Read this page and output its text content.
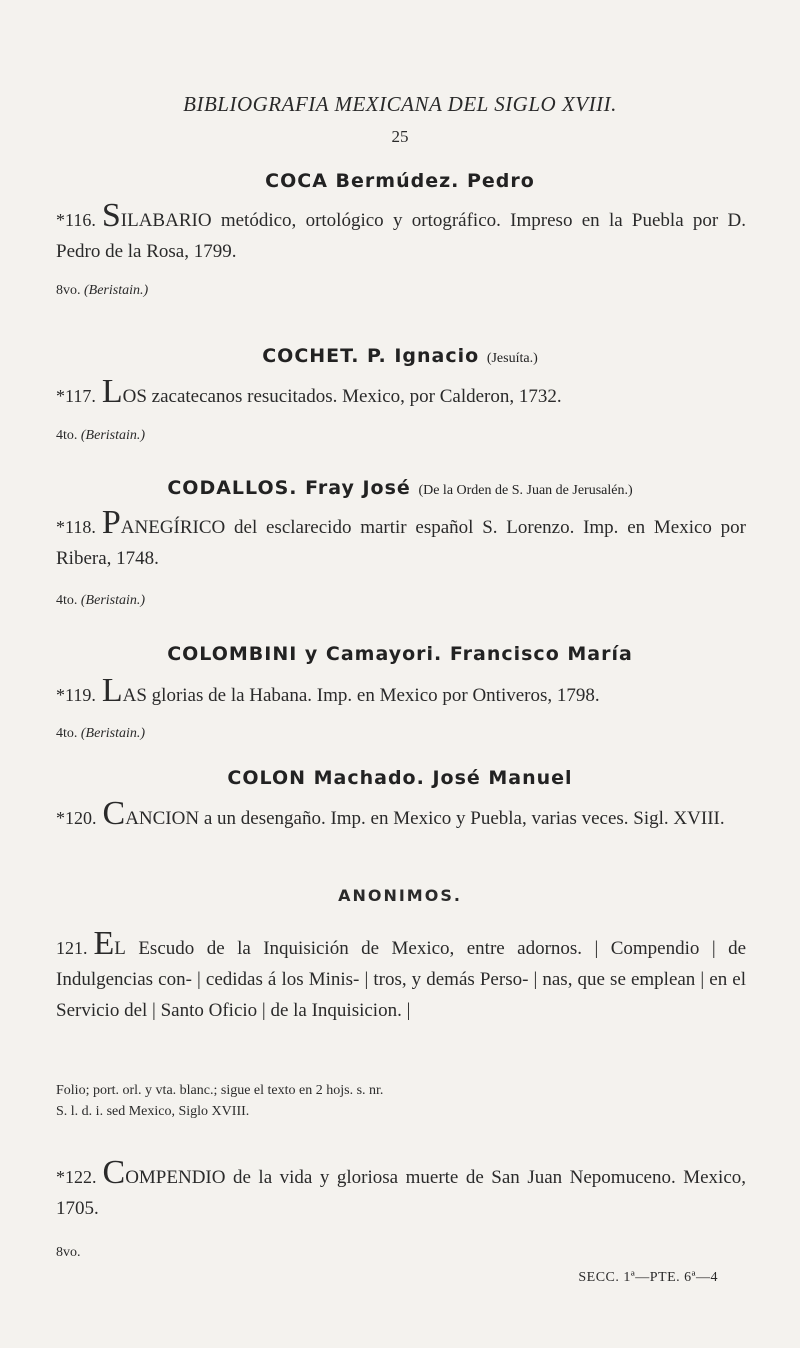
BIBLIOGRAFIA MEXICANA DEL SIGLO XVIII.
25
COCA Bermúdez. Pedro
*116. SILABARIO metódico, ortológico y ortográfico. Impreso en la Puebla por D. Pedro de la Rosa, 1799.
8vo. (Beristain.)
COCHET. P. Ignacio (Jesuíta.)
*117. LOS zacatecanos resucitados. Mexico, por Calderon, 1732.
4to. (Beristain.)
CODALLOS. Fray José (De la Orden de S. Juan de Jerusalén.)
*118. PANEGÍRICO del esclarecido martir español S. Lorenzo. Imp. en Mexico por Ribera, 1748.
4to. (Beristain.)
COLOMBINI y Camayori. Francisco María
*119. LAS glorias de la Habana. Imp. en Mexico por Ontiveros, 1798.
4to. (Beristain.)
COLON Machado. José Manuel
*120. CANCION a un desengaño. Imp. en Mexico y Puebla, varias veces. Sigl. XVIII.
ANONIMOS.
121. EL Escudo de la Inquisición de Mexico, entre adornos. | Compendio | de Indulgencias con- | cedidas á los Minis- | tros, y demás Perso- | nas, que se emplean | en el Servicio del | Santo Oficio | de la Inquisicion. |
Folio; port. orl. y vta. blanc.; sigue el texto en 2 hojs. s. nr.
S. l. d. i. sed Mexico, Siglo XVIII.
*122. COMPENDIO de la vida y gloriosa muerte de San Juan Nepomuceno. Mexico, 1705.
8vo.
SECC. 1ª—PTE. 6ª—4
